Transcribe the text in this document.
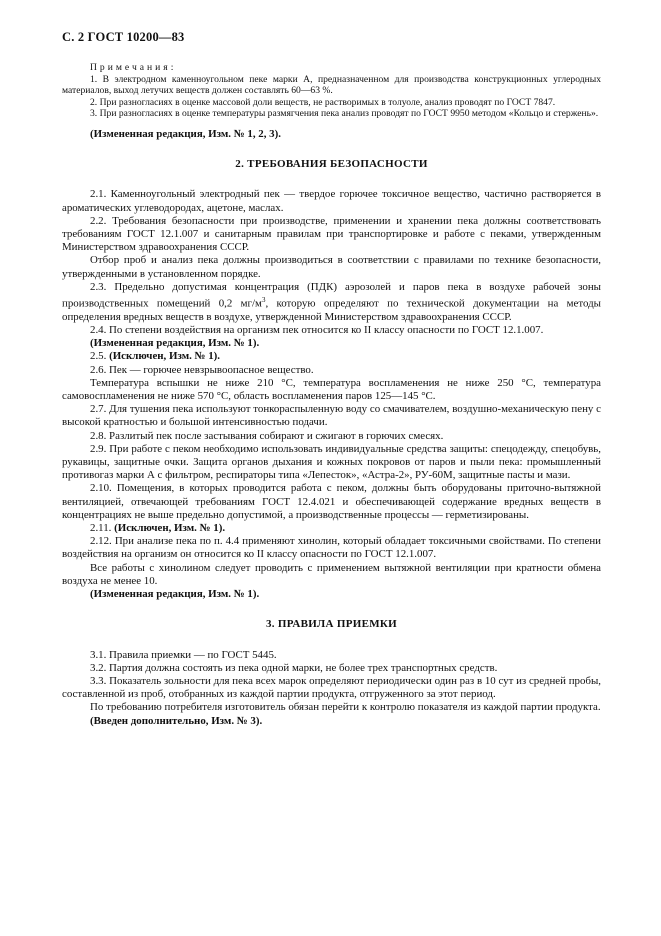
С. 2 ГОСТ 10200—83
Примечания:

1. В электродном каменноугольном пеке марки А, предназначенном для производства конструкционных углеродных материалов, выход летучих веществ должен составлять 60—63 %.

2. При разногласиях в оценке массовой доли веществ, не растворимых в толуоле, анализ проводят по ГОСТ 7847.

3. При разногласиях в оценке температуры размягчения пека анализ проводят по ГОСТ 9950 методом «Кольцо и стержень».

(Измененная редакция, Изм. № 1, 2, 3).

2. ТРЕБОВАНИЯ БЕЗОПАСНОСТИ

2.1. Каменноугольный электродный пек — твердое горючее токсичное вещество, частично растворяется в ароматических углеводородах, ацетоне, маслах.

2.2. Требования безопасности при производстве, применении и хранении пека должны соответствовать требованиям ГОСТ 12.1.007 и санитарным правилам при транспортировке и работе с пеками, утвержденным Министерством здравоохранения СССР.

Отбор проб и анализ пека должны производиться в соответствии с правилами по технике безопасности, утвержденными в установленном порядке.

2.3. Предельно допустимая концентрация (ПДК) аэрозолей и паров пека в воздухе рабочей зоны производственных помещений 0,2 $мг/м^3$, которую определяют по технической документации на методы определения вредных веществ в воздухе, утвержденной Министерством здравоохранения СССР.

2.4. По степени воздействия на организм пек относится ко II классу опасности по ГОСТ 12.1.007.

(Измененная редакция, Изм. № 1).

2.5. (Исключен, Изм. № 1).

2.6. Пек — горючее невзрывоопасное вещество.

Температура вспышки не ниже 210 °С, температура воспламенения не ниже 250 °С, температура самовоспламенения не ниже 570 °С, область воспламенения паров 125—145 °С.

2.7. Для тушения пека используют тонкораспыленную воду со смачивателем, воздушно-механическую пену с высокой кратностью и большой интенсивностью подачи.

2.8. Разлитый пек после застывания собирают и сжигают в горючих смесях.

2.9. При работе с пеком необходимо использовать индивидуальные средства защиты: спецодежду, спецобувь, рукавицы, защитные очки. Защита органов дыхания и кожных покровов от паров и пыли пека: промышленный противогаз марки А с фильтром, респираторы типа «Лепесток», «Астра-2», РУ-60М, защитные пасты и мази.

2.10. Помещения, в которых проводится работа с пеком, должны быть оборудованы приточно-вытяжной вентиляцией, отвечающей требованиям ГОСТ 12.4.021 и обеспечивающей содержание вредных веществ в концентрациях не выше предельно допустимой, а производственные процессы — герметизированы.

2.11. (Исключен, Изм. № 1).

2.12. При анализе пека по п. 4.4 применяют хинолин, который обладает токсичными свойствами. По степени воздействия на организм он относится ко II классу опасности по ГОСТ 12.1.007.

Все работы с хинолином следует проводить с применением вытяжной вентиляции при кратности обмена воздуха не менее 10.

(Измененная редакция, Изм. № 1).

3. ПРАВИЛА ПРИЕМКИ

3.1. Правила приемки — по ГОСТ 5445.

3.2. Партия должна состоять из пека одной марки, не более трех транспортных средств.

3.3. Показатель зольности для пека всех марок определяют периодически один раз в 10 сут из средней пробы, составленной из проб, отобранных из каждой партии продукта, отгруженного за этот период.

По требованию потребителя изготовитель обязан перейти к контролю показателя из каждой партии продукта.

(Введен дополнительно, Изм. № 3).
